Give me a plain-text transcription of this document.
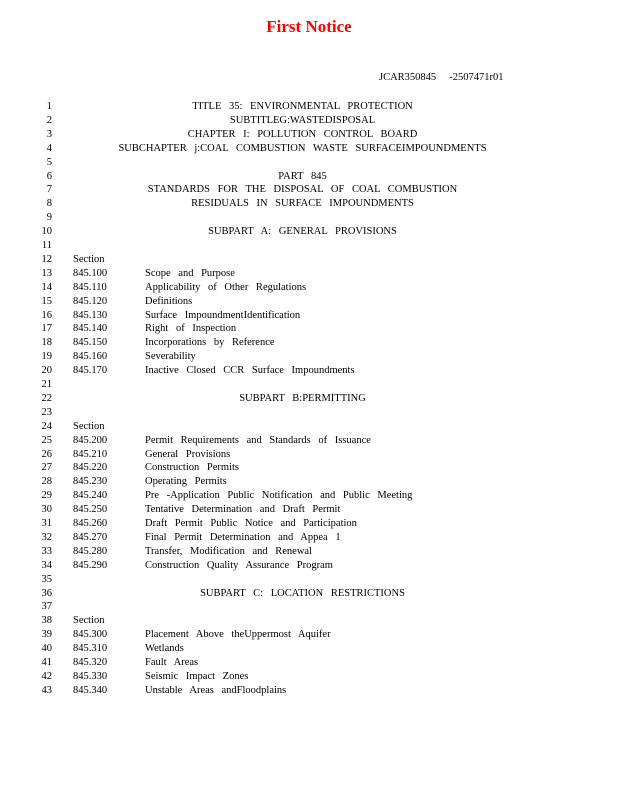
First Notice
JCAR350845     -2507471r01
1	TITLE 35: ENVIRONMENTAL PROTECTION
2	SUBTITLEG:WASTEDISPOSAL
3	CHAPTER I: POLLUTION CONTROL BOARD
4	SUBCHAPTER j:COAL COMBUSTION WASTE SURFACEIMPOUNDMENTS
5
6	PART 845
7	STANDARDS FOR THE DISPOSAL OF COAL COMBUSTION
8	RESIDUALS IN SURFACE IMPOUNDMENTS
9
10	SUBPART A: GENERAL PROVISIONS
11
12 Section
13 845.100	Scope and Purpose
14 845.110	Applicability of Other Regulations
15 845.120	Definitions
16 845.130	Surface ImpoundmentIdentification
17 845.140	Right of Inspection
18 845.150	Incorporations by Reference
19 845.160	Severability
20 845.170	Inactive Closed CCR Surface Impoundments
21
22	SUBPART B:PERMITTING
23
24 Section
25 845.200	Permit Requirements and Standards of Issuance
26 845.210	General Provisions
27 845.220	Construction Permits
28 845.230	Operating Permits
29 845.240	Pre -Application Public Notification and Public Meeting
30 845.250	Tentative Determination and Draft Permit
31 845.260	Draft Permit Public Notice and Participation
32 845.270	Final Permit Determination and Appea 1
33 845.280	Transfer, Modification and Renewal
34 845.290	Construction Quality Assurance Program
35
36	SUBPART C: LOCATION RESTRICTIONS
37
38 Section
39 845.300	Placement Above theUppermost Aquifer
40 845.310	Wetlands
41 845.320	Fault Areas
42 845.330	Seismic Impact Zones
43 845.340	Unstable Areas andFloodplains
